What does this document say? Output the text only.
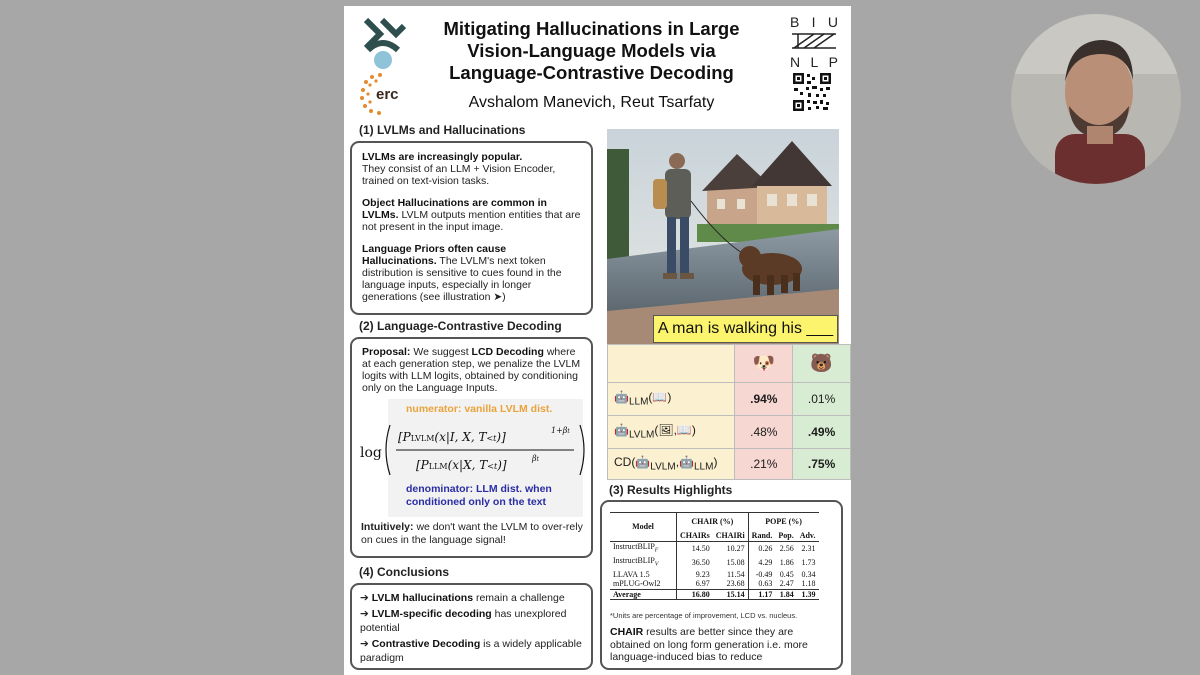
erc
Mitigating Hallucinations in Large Vision-Language Models via Language-Contrastive Decoding
Avshalom Manevich, Reut Tsarfaty
B I U
N L P
(1) LVLMs and Hallucinations

LVLMs are increasingly popular.
They consist of an LLM + Vision Encoder, trained on text-vision tasks.

Object Hallucinations are common in LVLMs. LVLM outputs mention entities that are not present in the input image.

Language Priors often cause Hallucinations. The LVLM's next token distribution is sensitive to cues found in the language inputs, especially in longer generations (see illustration ➤)

(2) Language-Contrastive Decoding

Proposal: We suggest LCD Decoding where at each generation step, we penalize the LVLM logits with LLM logits, obtained by conditioning only on the Language Inputs.

numerator: vanilla LVLM dist.
log
[PLVLM(x|I, X, T<t)]	1+βt
[PLLM(x|X, T<t)]	βt
denominator: LLM dist. when conditioned only on the text
Intuitively: we don't want the LVLM to over-rely on cues in the language signal!
(4) Conclusions
➔ LVLM hallucinations remain a challenge
➔ LVLM-specific decoding has unexplored potential
➔ Contrastive Decoding is a widely applicable paradigm
A man is walking his ___
	🐶	🐻
$🤖_{LLM}(📖)$	.94%	.01%
$🤖_{LVLM}(🖼,📖)$	.48%	.49%
$CD(🤖_{LVLM},🤖_{LLM})$	.21%	.75%
(3) Results Highlights
Model	CHAIR (%)		POPE (%)		
	CHAIRs	CHAIRi	Rand.	Pop.	Adv.
InstructBLIP$_F$	14.50	10.27	0.26	2.56	2.31
InstructBLIP$_V$	36.50	15.08	4.29	1.86	1.73
LLAVA 1.5	9.23	11.54	-0.49	0.45	0.34
mPLUG-Owl2	6.97	23.68	0.63	2.47	1.18
Average	16.80	15.14	1.17	1.84	1.39
*Units are percentage of improvement, LCD vs. nucleus.
CHAIR results are better since they are obtained on long form generation i.e. more language-induced bias to reduce
